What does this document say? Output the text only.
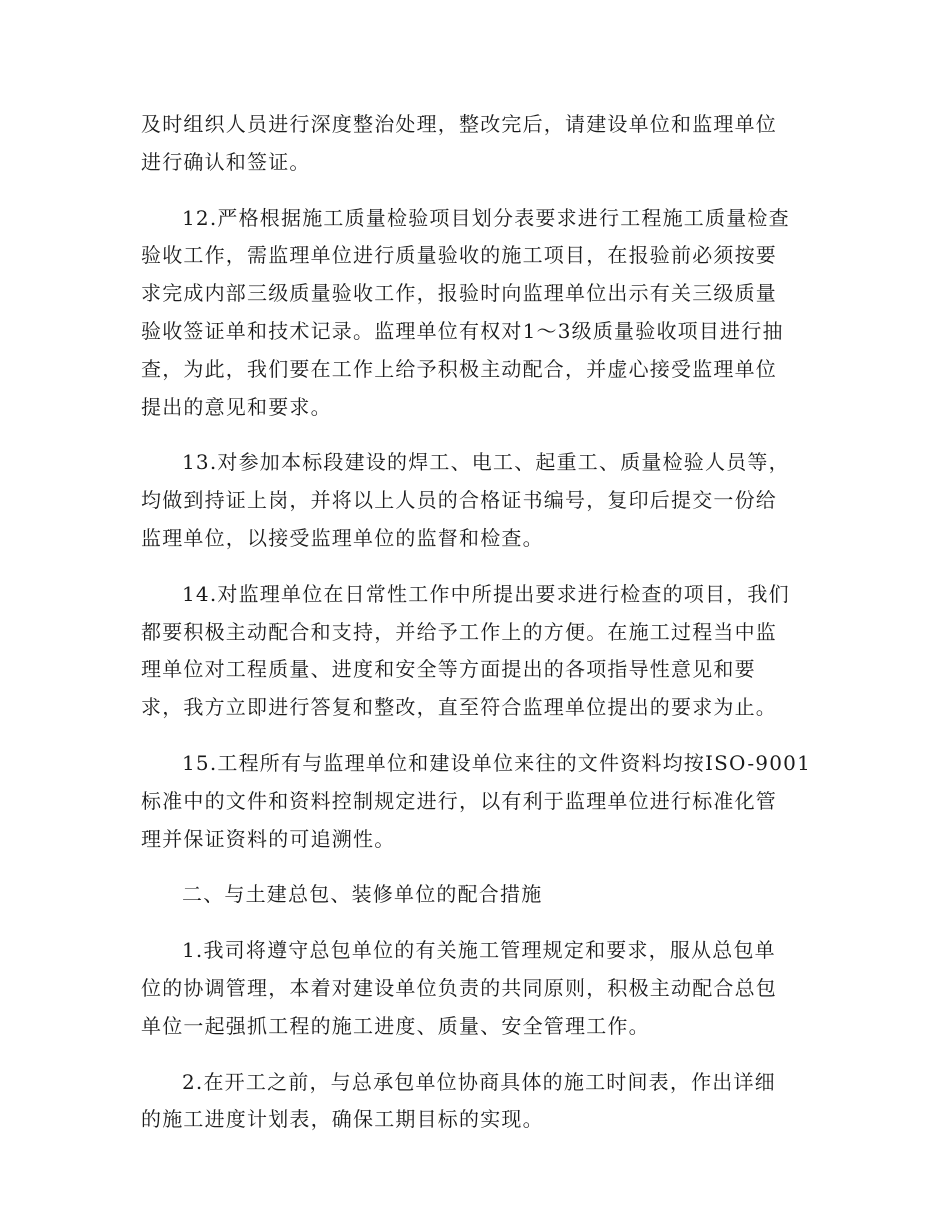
及时组织人员进行深度整治处理，整改完后，请建设单位和监理单位
进行确认和签证。

12.严格根据施工质量检验项目划分表要求进行工程施工质量检查
验收工作，需监理单位进行质量验收的施工项目，在报验前必须按要
求完成内部三级质量验收工作，报验时向监理单位出示有关三级质量
验收签证单和技术记录。监理单位有权对1～3级质量验收项目进行抽
查，为此，我们要在工作上给予积极主动配合，并虚心接受监理单位
提出的意见和要求。

13.对参加本标段建设的焊工、电工、起重工、质量检验人员等，
均做到持证上岗，并将以上人员的合格证书编号，复印后提交一份给
监理单位，以接受监理单位的监督和检查。

14.对监理单位在日常性工作中所提出要求进行检查的项目，我们
都要积极主动配合和支持，并给予工作上的方便。在施工过程当中监
理单位对工程质量、进度和安全等方面提出的各项指导性意见和要
求，我方立即进行答复和整改，直至符合监理单位提出的要求为止。

15.工程所有与监理单位和建设单位来往的文件资料均按ISO-9001
标准中的文件和资料控制规定进行，以有利于监理单位进行标准化管
理并保证资料的可追溯性。

二、与土建总包、装修单位的配合措施

1.我司将遵守总包单位的有关施工管理规定和要求，服从总包单
位的协调管理，本着对建设单位负责的共同原则，积极主动配合总包
单位一起强抓工程的施工进度、质量、安全管理工作。

2.在开工之前，与总承包单位协商具体的施工时间表，作出详细
的施工进度计划表，确保工期目标的实现。
